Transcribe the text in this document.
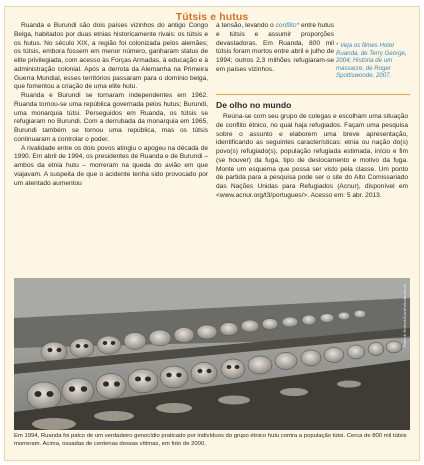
Tútsis e hutus

Ruanda e Burundi são dois países vizinhos do antigo Congo Belga, habitados por duas etnias historicamente rivais: os tútsis e os hutus. No século XIX, a região foi colonizada pelos alemães; os tútsis, embora fossem em menor número, ganharam status de elite privilegiada, com acesso às Forças Armadas, à educação e à administração colonial. Após a derrota da Alemanha na Primeira Guerra Mundial, esses territórios passaram para o domínio belga, que fomentou a criação de uma elite hutu.

Ruanda e Burundi se tornaram independentes em 1962. Ruanda tornou-se uma república governada pelos hutus; Burundi, uma monarquia tútsi. Perseguidos em Ruanda, os tútsis se refugiaram no Burundi. Com a derrubada da monarquia em 1965, Burundi também se tornou uma república, mas os tútsis continuaram a controlar o poder.

A rivalidade entre os dois povos atingiu o apogeu na década de 1990. Em abril de 1994, os presidentes de Ruanda e de Burundi – ambos da etnia hutu – morreram na queda do avião em que viajavam. A suspeita de que o acidente tenha sido provocado por um atentado aumentou

a tensão, levando o conflito* entre hutus e tútsis e assumir proporções devastadoras. Em Ruanda, 800 mil tútsis foram mortos entre abril e julho de 1994; outros 2,3 milhões refugiaram-se em países vizinhos.

* Veja os filmes Hotel Ruanda, de Terry George, 2004; História de um massacre, de Roger Spottiswoode, 2007.
De olho no mundo

Reúna-se com seu grupo de colegas e escolham uma situação de conflito étnico, no qual haja refugiados. Façam uma pesquisa sobre o assunto e elaborem uma breve apresentação, identificando as seguintes características: etnia ou nação do(s) povo(s) refugiado(s), população refugiada estimada, início e fim (se houver) da fuga, tipo de deslocamento e motivo da fuga. Monte um esquema que possa ser visto pela classe. Um ponto de partida para a pesquisa pode ser o site do Alto Comissariado das Nações Unidas para Refugiados (Acnur), disponível em <www.acnur.org/t3/portugues/>. Acesso em: 5 abr. 2013.

Patrick Robert/Corbis/Latinstock
Em 1994, Ruanda foi palco de um verdadeiro genocídio praticado por indivíduos do grupo étnico hutu contra a população tútsi. Cerca de 800 mil tútsis morreram. Acima, ossadas de centenas dessas vítimas, em foto de 2000.
